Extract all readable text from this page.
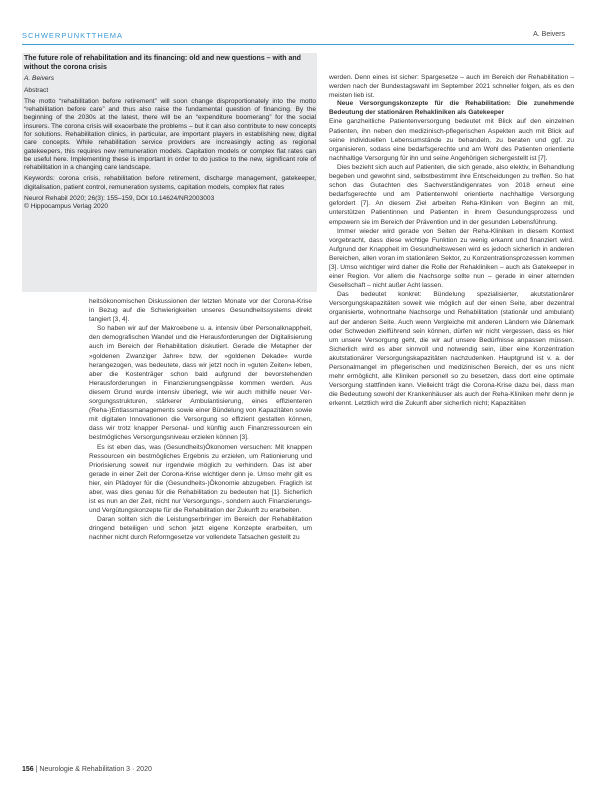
SCHWERPUNKTTHEMA	A. Beivers

The future role of rehabilitation and its financing: old and new questions – with and without the corona crisis

A. Beivers

Abstract

The motto “rehabilitation before retirement” will soon change disproportionately into the motto “rehabilitation before care” and thus also raise the fundamental question of financing. By the beginning of the 2030s at the latest, there will be an “expenditure boomerang” for the social insurers. The corona crisis will exacerbate the problems – but it can also contribute to new concepts for solutions. Rehabilitation clinics, in particular, are important players in establishing new, digital care concepts. While rehabilitation service providers are increasingly acting as regional gatekeepers, this requires new remuneration models. Capitation models or complex flat rates can be useful here. Implementing these is important in order to do justice to the new, significant role of rehabilitation in a changing care landscape.

Keywords: corona crisis, rehabilitation before retirement, discharge management, gatekeeper, digitalisation, patient control, remuneration systems, capitation models, complex flat rates

Neurol Rehabil 2020; 26(3): 155–159, DOI 10.14624/NR2003003

© Hippocampus Verlag 2020

heitsökonomischen Diskussionen der letzten Monate vor der Corona-Krise in Bezug auf die Schwierigkeiten unseres Gesundheitssystems direkt tangiert [3, 4].

So haben wir auf der Makroebene u. a. intensiv über Personalknappheit, den demografischen Wandel und die Herausforderungen der Digitalisierung auch im Bereich der Rehabilitation diskutiert. Gerade die Metapher der »goldenen Zwanziger Jahre« bzw. der »goldenen Dekade« wurde herangezogen, was bedeutete, dass wir jetzt noch in »guten Zeiten« leben, aber die Kostenträger schon bald aufgrund der bevorstehenden Herausforderungen in Finanzierungsengpässe kommen werden. Aus diesem Grund wurde intensiv überlegt, wie wir auch mithilfe neuer Versorgungsstrukturen, stärkerer Ambulantisierung, eines effizienteren (Reha-)Entlassmanagements sowie einer Bündelung von Kapazitäten sowie mit digitalen Innovationen die Versorgung so effizient gestalten können, dass wir trotz knapper Personal- und künftig auch Finanzressourcen ein bestmögliches Versorgungsniveau erzielen können [3].

Es ist eben das, was (Gesundheits)Ökonomen versuchen: Mit knappen Ressourcen ein bestmögliches Ergebnis zu erzielen, um Rationierung und Priorisierung soweit nur irgendwie möglich zu verhindern. Das ist aber gerade in einer Zeit der Corona-Krise wichtiger denn je. Umso mehr gilt es hier, ein Plädoyer für die (Gesundheits-)Ökonomie abzugeben. Fraglich ist aber, was dies genau für die Rehabilitation zu bedeuten hat [1]. Sicherlich ist es nun an der Zeit, nicht nur Versorgungs-, sondern auch Finanzierungs- und Vergütungskonzepte für die Rehabilitation der Zukunft zu erarbeiten.

Daran sollten sich die Leistungserbringer im Bereich der Rehabilitation dringend beteiligen und schon jetzt eigene Konzepte erarbeiten, um nachher nicht durch Reformgesetze vor vollendete Tatsachen gestellt zu

werden. Denn eines ist sicher: Spargesetze – auch im Bereich der Rehabilitation – werden nach der Bundestagswahl im September 2021 schneller folgen, als es den meisten lieb ist.

Neue Versorgungskonzepte für die Rehabilitation: Die zunehmende Bedeutung der stationären Rehakliniken als Gatekeeper

Eine ganzheitliche Patientenversorgung bedeutet mit Blick auf den einzelnen Patienten, ihn neben den medizinisch-pflegerischen Aspekten auch mit Blick auf seine individuellen Lebensumstände zu behandeln, zu beraten und ggf. zu organisieren, sodass eine bedarfsgerechte und am Wohl des Patienten orientierte nachhaltige Versorgung für ihn und seine Angehörigen sichergestellt ist [7].

Dies bezieht sich auch auf Patienten, die sich gerade, also elektiv, in Behandlung begeben und gewohnt sind, selbstbestimmt ihre Entscheidungen zu treffen. So hat schon das Gutachten des Sachverständigenrates von 2018 erneut eine bedarfsgerechte und am Patientenwohl orientierte nachhaltige Versorgung gefordert [7]. An diesem Ziel arbeiten Reha-Kliniken von Beginn an mit, unterstützen Patientinnen und Patienten in ihrem Gesundungsprozess und empowern sie im Bereich der Prävention und in der gesunden Lebensführung.

Immer wieder wird gerade von Seiten der Reha-Kliniken in diesem Kontext vorgebracht, dass diese wichtige Funktion zu wenig erkannt und finanziert wird. Aufgrund der Knappheit im Gesundheitswesen wird es jedoch sicherlich in anderen Bereichen, allen voran im stationären Sektor, zu Konzentrationsprozessen kommen [3]. Umso wichtiger wird daher die Rolle der Rehakliniken – auch als Gatekeeper in einer Region. Vor allem die Nachsorge sollte nun – gerade in einer alternden Gesellschaft – nicht außer Acht lassen.

Das bedeutet konkret: Bündelung spezialisierter, akutstationärer Versorgungskapazitäten soweit wie möglich auf der einen Seite, aber dezentral organisierte, wohnortnahe Nachsorge und Rehabilitation (stationär und ambulant) auf der anderen Seite. Auch wenn Vergleiche mit anderen Ländern wie Dänemark oder Schweden zielführend sein können, dürfen wir nicht vergessen, dass es hier um unsere Versorgung geht, die wir auf unsere Bedürfnisse anpassen müssen. Sicherlich wird es aber sinnvoll und notwendig sein, über eine Konzentration akutstationärer Versorgungskapazitäten nachzudenken. Hauptgrund ist v. a. der Personalmangel im pflegerischen und medizinischen Bereich, der es uns nicht mehr ermöglicht, alle Kliniken personell so zu besetzen, dass dort eine optimale Versorgung stattfinden kann. Vielleicht trägt die Corona-Krise dazu bei, dass man die Bedeutung sowohl der Krankenhäuser als auch der Reha-Kliniken mehr denn je erkennt. Letztlich wird die Zukunft aber sicherlich nicht; Kapazitäten

156 | Neurologie & Rehabilitation 3 · 2020
